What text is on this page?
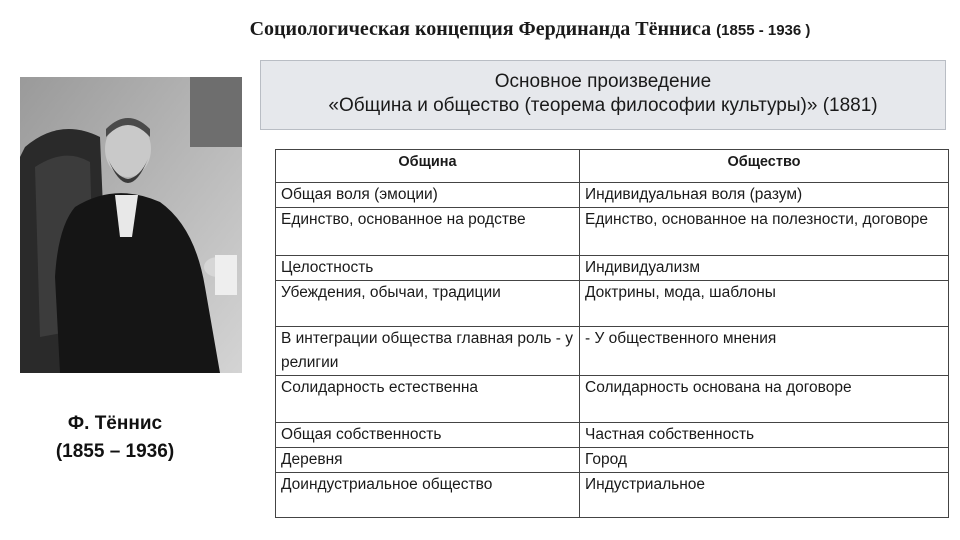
Социологическая концепция Фердинанда Тённиса (1855 - 1936 )
Основное произведение
«Община и общество (теорема философии культуры)» (1881)
Ф. Тённис
(1855 – 1936)
Община	Общество
Общая воля (эмоции)	Индивидуальная воля (разум)
Единство, основанное на родстве	Единство, основанное на полезности, договоре
Целостность	Индивидуализм
Убеждения, обычаи, традиции	Доктрины, мода, шаблоны
В интеграции общества главная роль - у религии	- У общественного мнения
Солидарность естественна	Солидарность основана на договоре
Общая собственность	Частная собственность
Деревня	Город
Доиндустриальное общество	Индустриальное
